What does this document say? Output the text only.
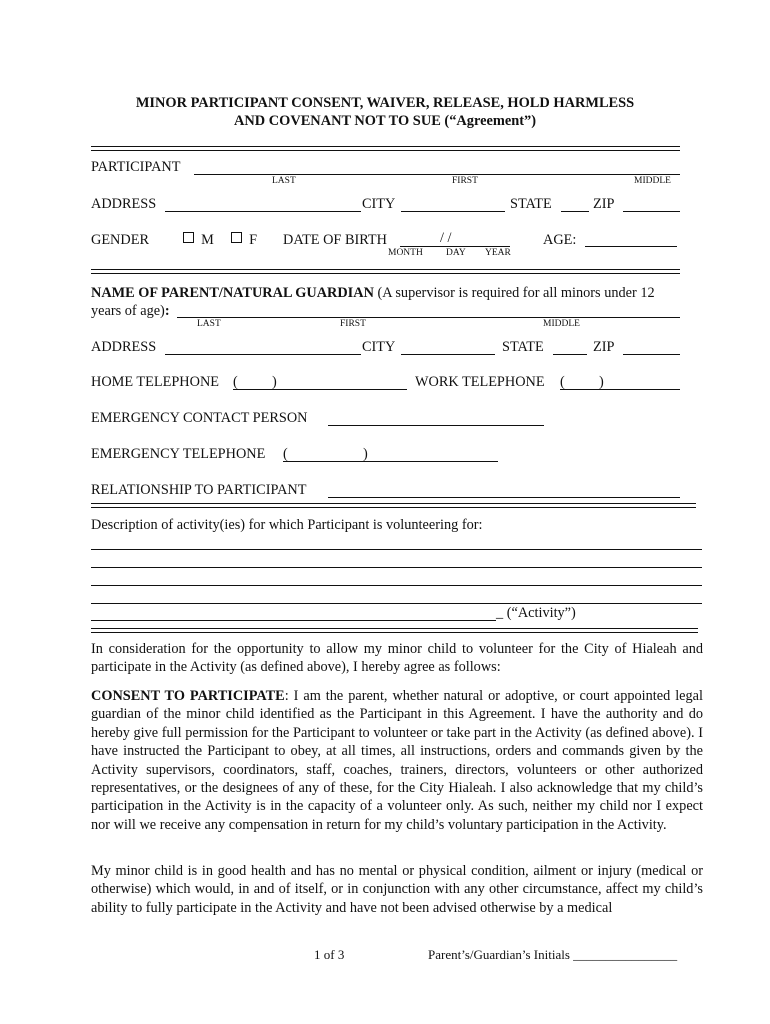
MINOR PARTICIPANT CONSENT, WAIVER, RELEASE, HOLD HARMLESS
AND COVENANT NOT TO SUE (“Agreement”)
PARTICIPANT
LAST	FIRST	MIDDLE
ADDRESS	CITY	STATE	ZIP
GENDER	M	F DATE OF BIRTH	/ /
MONTH DAY YEAR
AGE:
NAME OF PARENT/NATURAL GUARDIAN (A supervisor is required for all minors under 12
years of age):
LAST	FIRST	MIDDLE
ADDRESS	CITY	STATE	ZIP
HOME TELEPHONE ( )	WORK TELEPHONE ( )
EMERGENCY CONTACT PERSON
EMERGENCY TELEPHONE (	)
RELATIONSHIP TO PARTICIPANT
Description of activity(ies) for which Participant is volunteering for:
_ (“Activity”)
In consideration for the opportunity to allow my minor child to volunteer for the City of Hialeah and participate in the Activity (as defined above), I hereby agree as follows:
CONSENT TO PARTICIPATE: I am the parent, whether natural or adoptive, or court appointed legal guardian of the minor child identified as the Participant in this Agreement. I have the authority and do hereby give full permission for the Participant to volunteer or take part in the Activity (as defined above). I have instructed the Participant to obey, at all times, all instructions, orders and commands given by the Activity supervisors, coordinators, staff, coaches, trainers, directors, volunteers or other authorized representatives, or the designees of any of these, for the City Hialeah. I also acknowledge that my child’s participation in the Activity is in the capacity of a volunteer only. As such, neither my child nor I expect nor will we receive any compensation in return for my child’s voluntary participation in the Activity.
My minor child is in good health and has no mental or physical condition, ailment or injury (medical or otherwise) which would, in and of itself, or in conjunction with any other circumstance, affect my child’s ability to fully participate in the Activity and have not been advised otherwise by a medical
1 of 3	Parent’s/Guardian’s Initials ________________
